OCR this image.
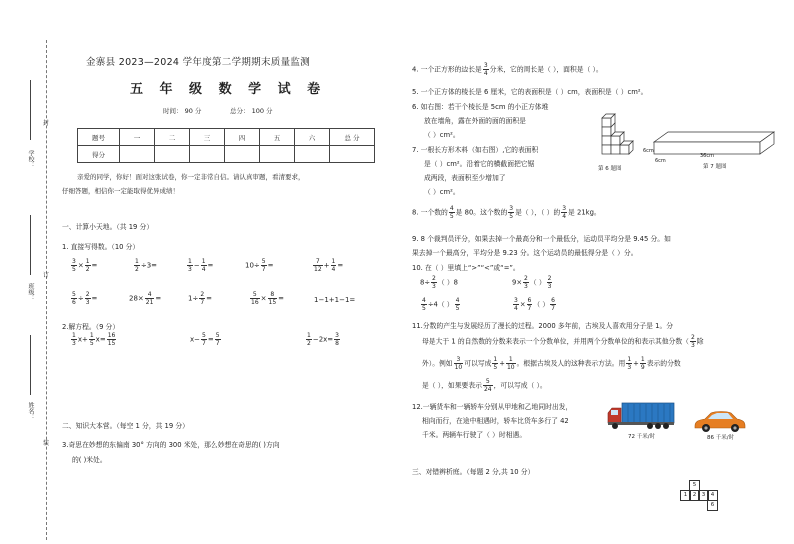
封
订
装
学校：
班级：
姓名：
金寨县 2023—2024 学年度第二学期期末质量监测
五 年 级 数 学 试 卷
时间： 90 分	总分： 100 分
题号	一	二	三	四	五	六	总 分
得分							
亲爱的同学，你好！面对这张试卷，你一定非常自信。请认真审题，看清要求，
仔细答题，相信你一定能取得优异成绩！
一、计算小天地。（共 19 分）
1. 直接写得数。（10 分）
$\frac{3}{5} \times \frac{1}{2}$ =	$\frac{1}{2} \div 3=$	$\frac{1}{3} - \frac{1}{4}$ =	$10\div \frac{5}{7}$ =	$\frac{7}{12} + \frac{1}{4}$ =
$\frac{5}{6} \div \frac{2}{3}$ =	$28\times \frac{4}{21}$ =	$1\div \frac{2}{7}$ =	$\frac{5}{16} \times \frac{8}{15}$ =	1−1+1−1=
2.解方程。（9 分）
$\frac{1}{3} x+ \frac{1}{5} x= \frac{16}{15}$	$x- \frac{5}{7} = \frac{5}{7}$	$\frac{1}{2} -2x= \frac{3}{8}$
二、知识大本营。（每空 1 分，共 19 分）
3.奇思在妙想的东偏南 30° 方向的 300 米处，那么妙想在奇思的( )方向
的( )米处。
4. 一个正方形的边长是 $\frac{3}{4}$ 分米，它的周长是（ ），面积是（ ）。
5. 一个正方体的棱长是 6 厘米，它的表面积是（ ）cm，表面积是（ ）cm²。
6. 如右图：若干个棱长是 5cm 的小正方体堆
放在墙角，露在外面的面的面积是
（ ）cm²。
7. 一根长方形木料（如右图）,它的表面积
是（ ）cm²。沿着它的横截面把它锯
成两段，表面积至少增加了
（ ）cm²。
第 6 题图
6cm
6cm
36cm
第 7 题图
8. 一个数的 $\frac{4}{5}$ 是 80。这个数的 $\frac{3}{5}$ 是（ ），（ ）的 $\frac{3}{4}$ 是 21kg。
9. 8 个裁判员评分，如果去掉一个最高分和一个最低分，运动员平均分是 9.45 分。如
果去掉一个最高分，平均分是 9.23 分。这个运动员的最低得分是（ ）分。
10. 在（ ）里填上“>”“<”或“=”。
$8\div \frac{2}{3}$ （ ）8	$9\times \frac{2}{3}$ （ ） $\frac{2}{3}$
$\frac{4}{5} \div 4$（ ） $\frac{4}{5}$	$\frac{3}{4} \times \frac{6}{7}$ （ ） $\frac{6}{7}$
11.分数的产生与发展经历了漫长的过程。2000 多年前，古埃及人喜欢用分子是 1。分
母是大于 1 的自然数的分数来表示一个分数单位，并用两个分数单位的和表示其他分数（ $\frac{2}{3}$ 除
外）。例如 $\frac{3}{10}$ 可以写成 $\frac{1}{5} + \frac{1}{10}$ 。根据古埃及人的这种表示方法。用 $\frac{1}{3} + \frac{1}{9}$ 表示的分数
是（ ），如果要表示 $\frac{5}{24}$ ，可以写成（ ）。
12.一辆货车和一辆轿车分别从甲地和乙地同时出发，
相向而行，在途中相遇时，轿车比货车多行了 42
千米。两辆车行驶了（ ）时相遇。	72 千米/时	86 千米/时
三、对错辨析庭。（每题 2 分,共 10 分）
5
1	2	3	4
6
